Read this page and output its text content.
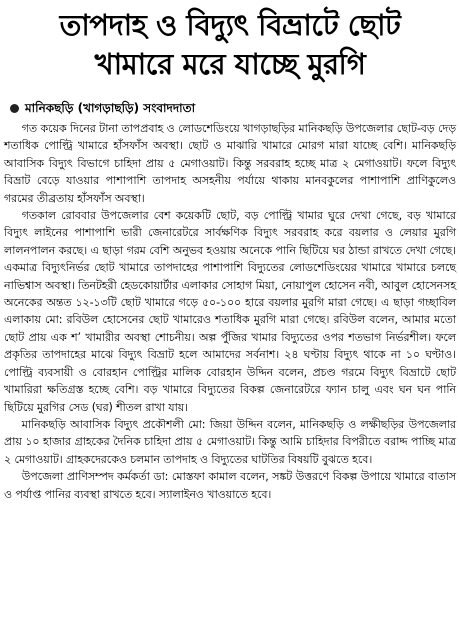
তাপদাহ ও বিদ্যুৎ বিভ্রাটে ছোট
খামারে মরে যাচ্ছে মুরগি
মানিকছড়ি (খাগড়াছড়ি) সংবাদদাতা

গত কয়েক দিনের টানা তাপপ্রবাহ ও লোডশেডিংয়ে খাগড়াছড়ির মানিকছড়ি উপজেলার ছোট-বড় দেড় শতাধিক পোল্ট্রি খামারে হাঁসফাঁস অবস্থা। ছোট ও মাঝারি খামারে মোরগ মারা যাচ্ছে বেশি। মানিকছড়ি আবাসিক বিদ্যুৎ বিভাগে চাহিদা প্রায় ৫ মেগাওয়াট। কিন্তু সরবরাহ হচ্ছে মাত্র ২ মেগাওয়াট। ফলে বিদ্যুৎ বিভ্রাট বেড়ে যাওয়ার পাশাপাশি তাপদাহ অসহনীয় পর্যায়ে থাকায় মানবকুলের পাশাপাশি প্রাণিকুলেও গরমের তীব্রতায় হাঁসফাঁস অবস্থা।

গতকাল রোববার উপজেলার বেশ কয়েকটি ছোট, বড় পোল্ট্রি খামার ঘুরে দেখা গেছে, বড় খামারে বিদ্যুৎ লাইনের পাশাপাশি ভারী জেনারেটরে সার্বক্ষণিক বিদ্যুৎ সরবরাহ করে বয়লার ও লেয়ার মুরগি লালনপালন করছে। এ ছাড়া গরম বেশি অনুভব হওয়ায় অনেকে পানি ছিটিয়ে ঘর ঠান্ডা রাখতে দেখা গেছে। একমাত্র বিদ্যুৎনির্ভর ছোট খামারে তাপদাহের পাশাপাশি বিদ্যুতের লোডশেডিংয়ের খামারে খামারে চলছে নাভিশ্বাস অবস্থা। তিনটহরী হেডকোয়ার্টার এলাকার সোহাগ মিয়া, নোয়াপুল হোসেন নবী, আবুল হোসেনসহ অনেকের অন্তত ১২-১৩টি ছোট খামারে গড়ে ৫০-১০০ হারে বয়লার মুরগি মারা গেছে। এ ছাড়া গচ্ছাবিল এলাকায় মো: রবিউল হোসেনের ছোট খামারেও শতাধিক মুরগি মারা গেছে। রবিউল বলেন, আমার মতো ছোট প্রায় এক শ’ খামারীর অবস্থা শোচনীয়। অল্প পুঁজির খামার বিদ্যুতের ওপর শতভাগ নির্ভরশীল। ফলে প্রকৃতির তাপদাহের মাঝে বিদ্যুৎ বিভ্রাট হলে আমাদের সর্বনাশ। ২৪ ঘণ্টায় বিদ্যুৎ থাকে না ১০ ঘণ্টাও। পোল্ট্রি ব্যবসায়ী ও বোরহান পোল্ট্রির মালিক বোরহান উদ্দিন বলেন, প্রচণ্ড গরমে বিদ্যুৎ বিভ্রাটে ছোট খামারিরা ক্ষতিগ্রস্ত হচ্ছে বেশি। বড় খামারে বিদ্যুতের বিকল্প জেনারেটরে ফ্যান চালু এবং ঘন ঘন পানি ছিটিয়ে মুরগির সেড (ঘর) শীতল রাখা যায়।

মানিকছড়ি আবাসিক বিদ্যুৎ প্রকৌশলী মো: জিয়া উদ্দিন বলেন, মানিকছড়ি ও লক্ষীছড়ির উপজেলার প্রায় ১০ হাজার গ্রাহকের দৈনিক চাহিদা প্রায় ৫ মেগাওয়াট। কিন্তু আমি চাহিদার বিপরীতে বরাদ্দ পাচ্ছি মাত্র ২ মেগাওয়াট। গ্রাহকদেরকেও চলমান তাপদাহ ও বিদ্যুতের ঘাটতির বিষয়টি বুঝতে হবে।

উপজেলা প্রাণিসম্পদ কর্মকর্তা ডা: মোস্তফা কামাল বলেন, সঙ্কট উত্তরণে বিকল্প উপায়ে খামারে বাতাস ও পর্যাপ্ত পানির ব্যবস্থা রাখতে হবে। স্যালাইনও খাওয়াতে হবে।
